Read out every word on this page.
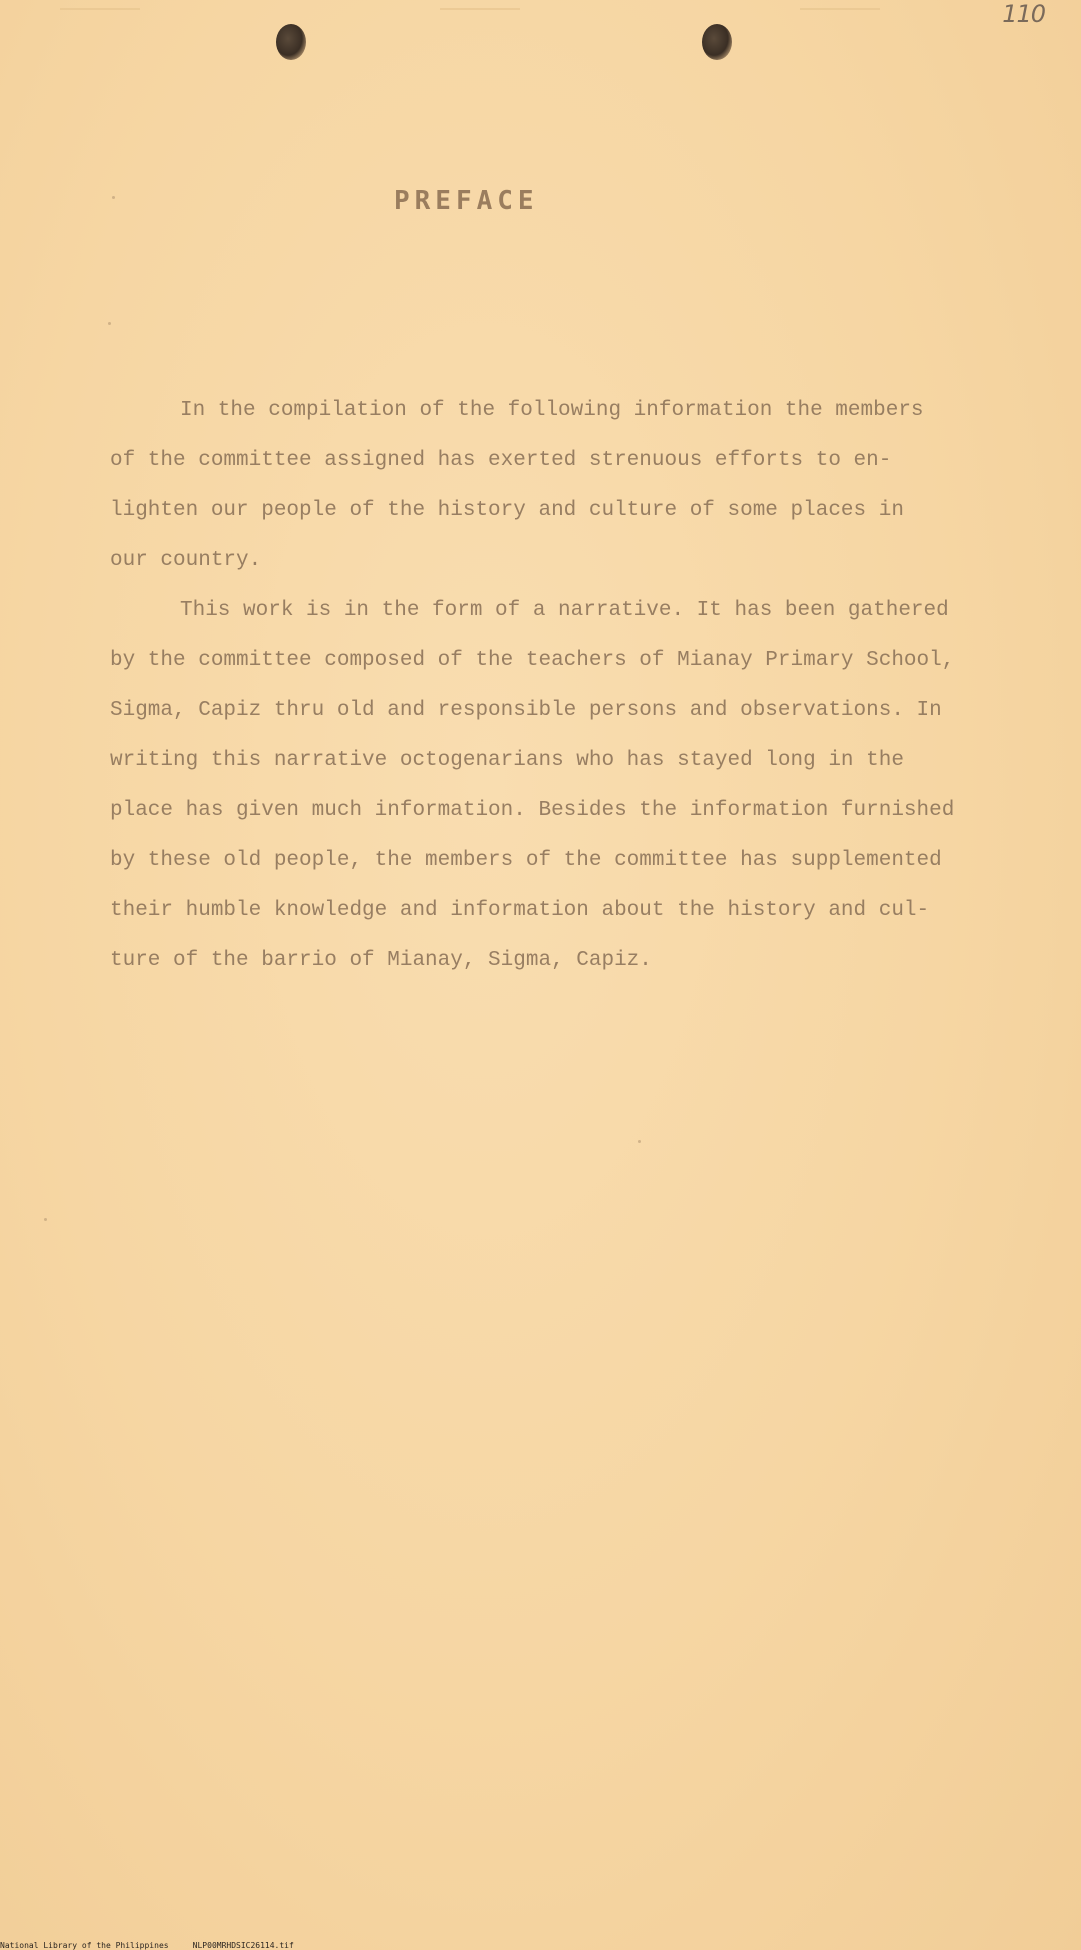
110
PREFACE
In the compilation of the following information the members
of the committee assigned has exerted strenuous efforts to en-
lighten our people of the history and culture of some places in
our country.
This work is in the form of a narrative. It has been gathered
by the committee composed of the teachers of Mianay Primary School,
Sigma, Capiz thru old and responsible persons and observations. In
writing this narrative octogenarians who has stayed long in the
place has given much information. Besides the information furnished
by these old people, the members of the committee has supplemented
their humble knowledge and information about the history and cul-
ture of the barrio of Mianay, Sigma, Capiz.
National Library of the Philippines	NLP00MRHDSIC26114.tif
